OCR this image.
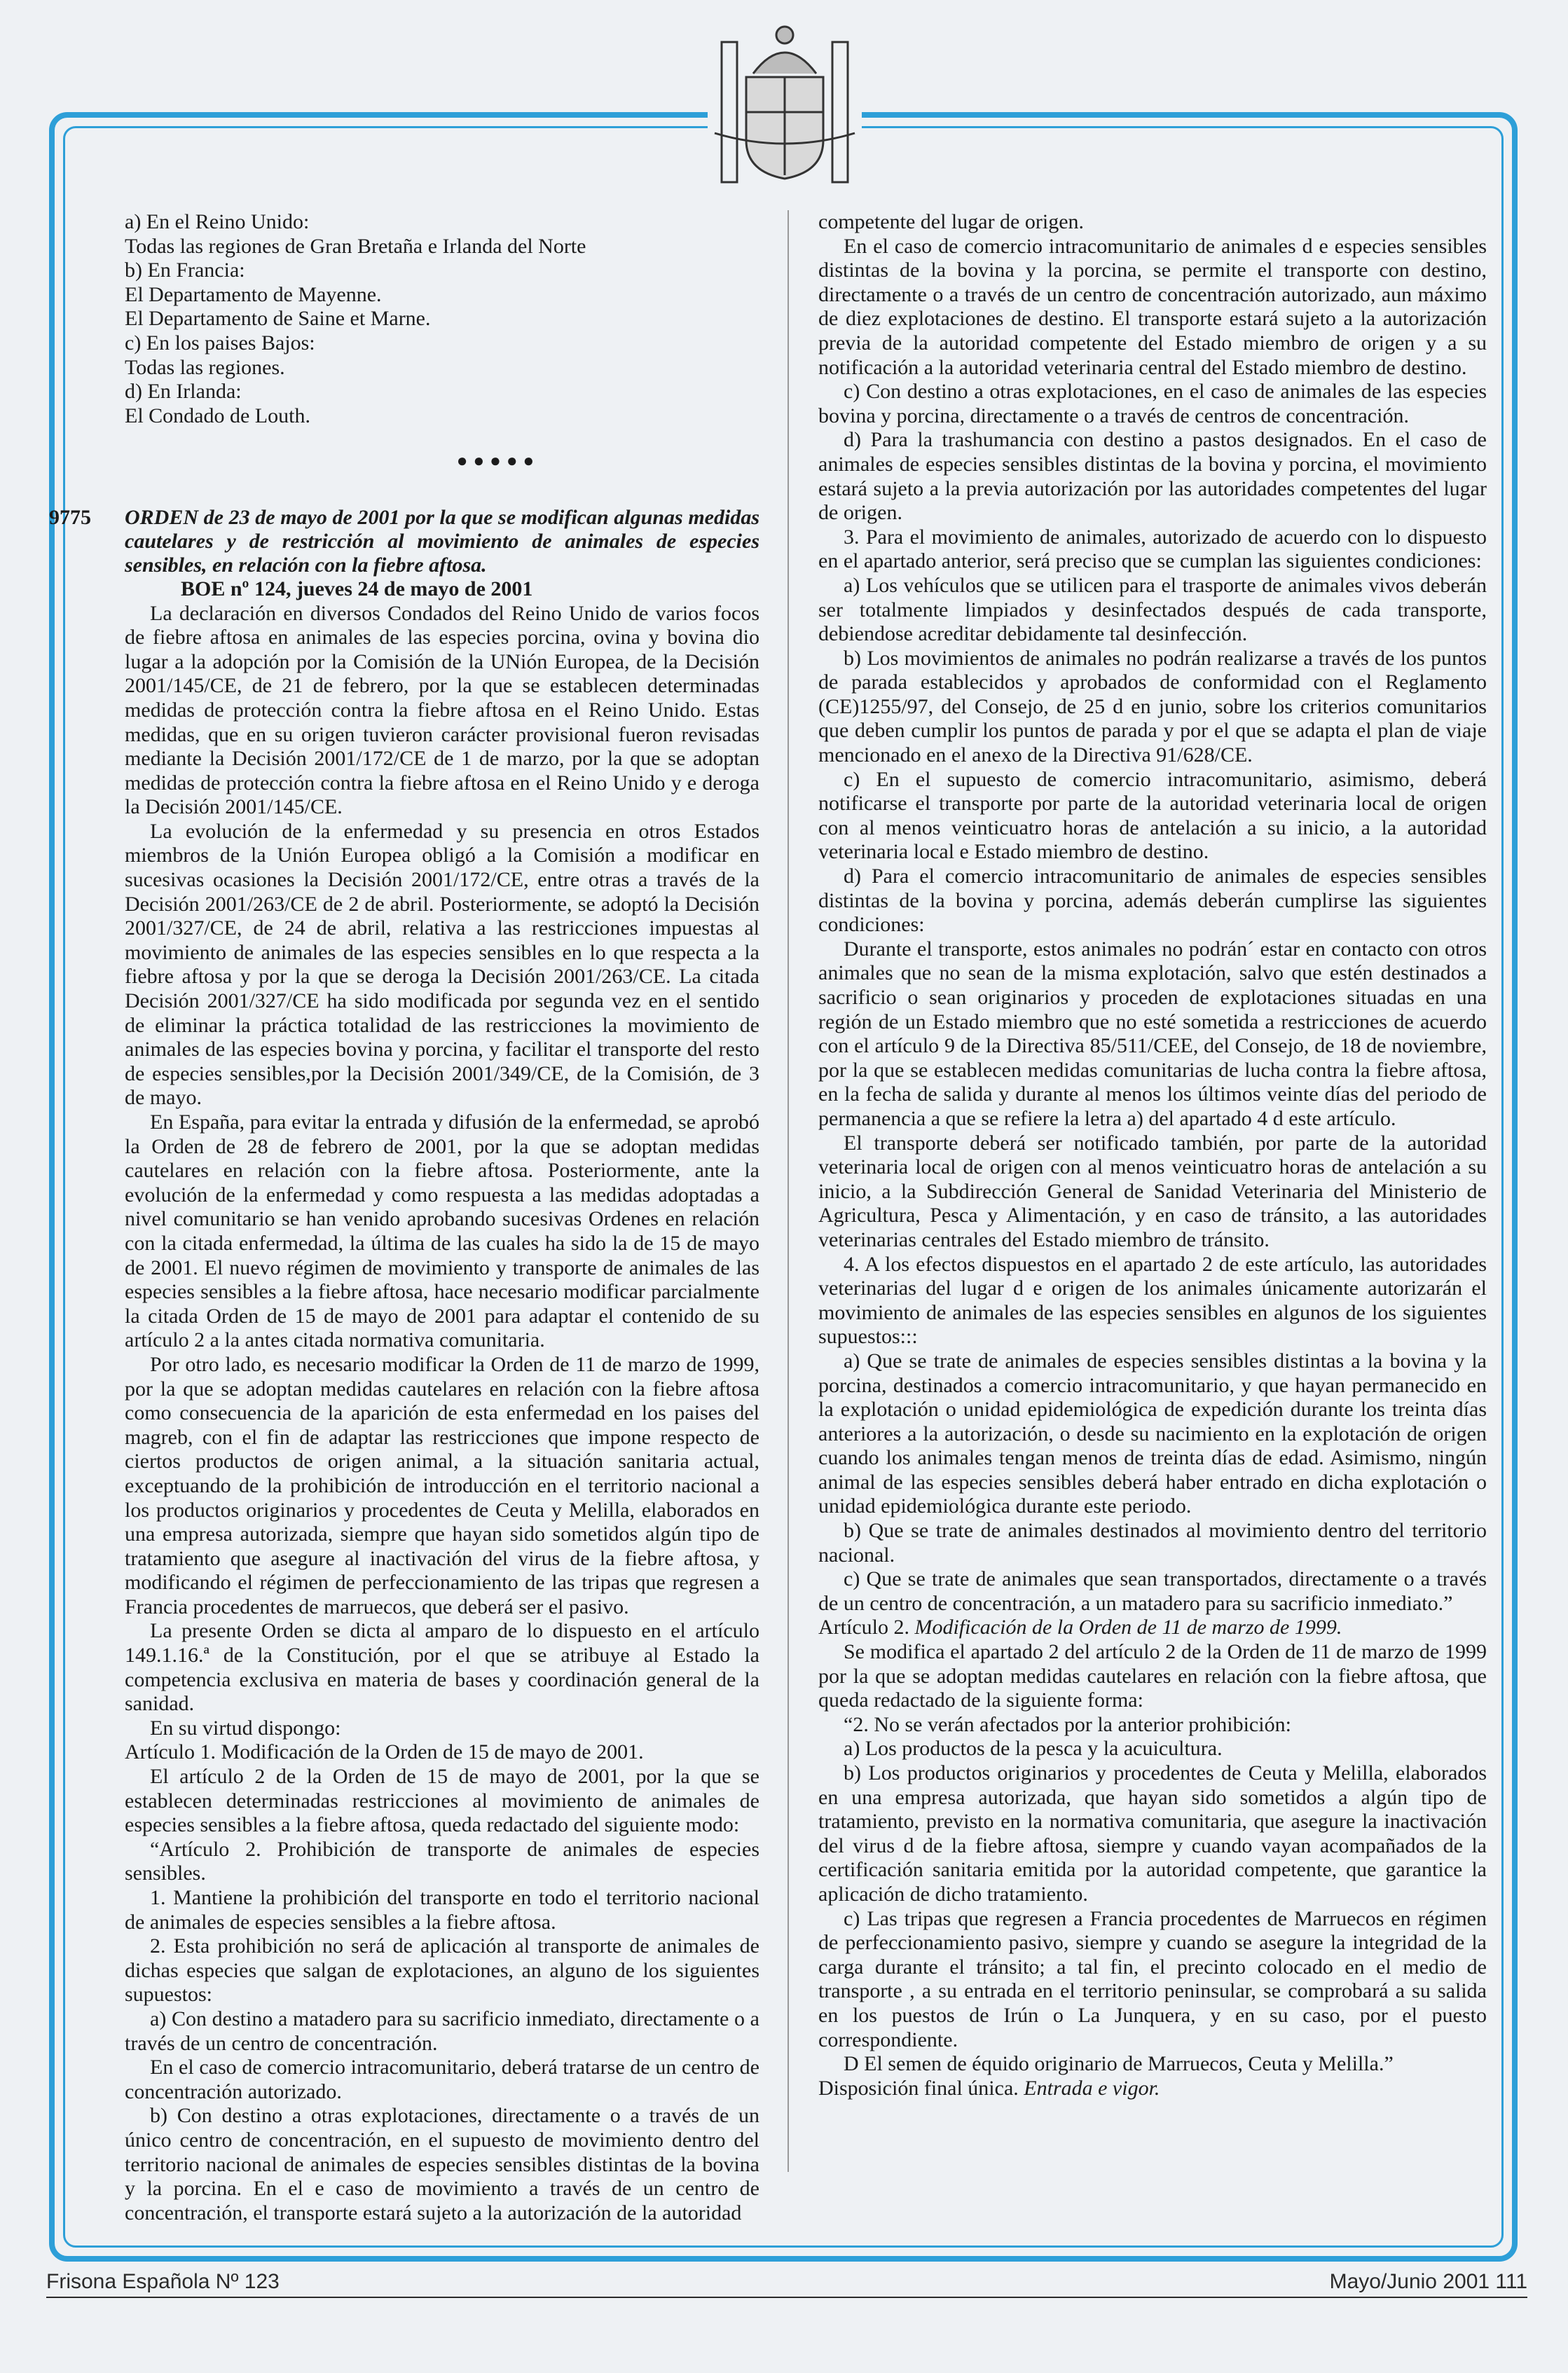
a) En el Reino Unido:

Todas las regiones de Gran Bretaña e Irlanda del Norte

b) En Francia:

El Departamento de Mayenne.

El Departamento de Saine et Marne.

c) En los paises Bajos:

Todas las regiones.

d) En Irlanda:

El Condado de Louth.

●●●●●
9775 ORDEN de 23 de mayo de 2001 por la que se modifican algunas medidas cautelares y de restricción al movimiento de animales de especies sensibles, en relación con la fiebre aftosa.

BOE nº 124, jueves 24 de mayo de 2001

La declaración en diversos Condados del Reino Unido de varios focos de fiebre aftosa en animales de las especies porcina, ovina y bovina dio lugar a la adopción por la Comisión de la UNión Europea, de la Decisión 2001/145/CE, de 21 de febrero, por la que se establecen determinadas medidas de protección contra la fiebre aftosa en el Reino Unido. Estas medidas, que en su origen tuvieron carácter provisional fueron revisadas mediante la Decisión 2001/172/CE de 1 de marzo, por la que se adoptan medidas de protección contra la fiebre aftosa en el Reino Unido y e deroga la Decisión 2001/145/CE.

La evolución de la enfermedad y su presencia en otros Estados miembros de la Unión Europea obligó a la Comisión a modificar en sucesivas ocasiones la Decisión 2001/172/CE, entre otras a través de la Decisión 2001/263/CE de 2 de abril. Posteriormente, se adoptó la Decisión 2001/327/CE, de 24 de abril, relativa a las restricciones impuestas al movimiento de animales de las especies sensibles en lo que respecta a la fiebre aftosa y por la que se deroga la Decisión 2001/263/CE. La citada Decisión 2001/327/CE ha sido modificada por segunda vez en el sentido de eliminar la práctica totalidad de las restricciones la movimiento de animales de las especies bovina y porcina, y facilitar el transporte del resto de especies sensibles,por la Decisión 2001/349/CE, de la Comisión, de 3 de mayo.

En España, para evitar la entrada y difusión de la enfermedad, se aprobó la Orden de 28 de febrero de 2001, por la que se adoptan medidas cautelares en relación con la fiebre aftosa. Posteriormente, ante la evolución de la enfermedad y como respuesta a las medidas adoptadas a nivel comunitario se han venido aprobando sucesivas Ordenes en relación con la citada enfermedad, la última de las cuales ha sido la de 15 de mayo de 2001. El nuevo régimen de movimiento y transporte de animales de las especies sensibles a la fiebre aftosa, hace necesario modificar parcialmente la citada Orden de 15 de mayo de 2001 para adaptar el contenido de su artículo 2 a la antes citada normativa comunitaria.

Por otro lado, es necesario modificar la Orden de 11 de marzo de 1999, por la que se adoptan medidas cautelares en relación con la fiebre aftosa como consecuencia de la aparición de esta enfermedad en los paises del magreb, con el fin de adaptar las restricciones que impone respecto de ciertos productos de origen animal, a la situación sanitaria actual, exceptuando de la prohibición de introducción en el territorio nacional a los productos originarios y procedentes de Ceuta y Melilla, elaborados en una empresa autorizada, siempre que hayan sido sometidos algún tipo de tratamiento que asegure al inactivación del virus de la fiebre aftosa, y modificando el régimen de perfeccionamiento de las tripas que regresen a Francia procedentes de marruecos, que deberá ser el pasivo.

La presente Orden se dicta al amparo de lo dispuesto en el artículo 149.1.16.ª de la Constitución, por el que se atribuye al Estado la competencia exclusiva en materia de bases y coordinación general de la sanidad.

En su virtud dispongo:

Artículo 1. Modificación de la Orden de 15 de mayo de 2001.

El artículo 2 de la Orden de 15 de mayo de 2001, por la que se establecen determinadas restricciones al movimiento de animales de especies sensibles a la fiebre aftosa, queda redactado del siguiente modo:

“Artículo 2. Prohibición de transporte de animales de especies sensibles.

1. Mantiene la prohibición del transporte en todo el territorio nacional de animales de especies sensibles a la fiebre aftosa.

2. Esta prohibición no será de aplicación al transporte de animales de dichas especies que salgan de explotaciones, an alguno de los siguientes supuestos:

a) Con destino a matadero para su sacrificio inmediato, directamente o a través de un centro de concentración.

En el caso de comercio intracomunitario, deberá tratarse de un centro de concentración autorizado.

b) Con destino a otras explotaciones, directamente o a través de un único centro de concentración, en el supuesto de movimiento dentro del territorio nacional de animales de especies sensibles distintas de la bovina y la porcina. En el e caso de movimiento a través de un centro de concentración, el transporte estará sujeto a la autorización de la autoridad

competente del lugar de origen.

En el caso de comercio intracomunitario de animales d e especies sensibles distintas de la bovina y la porcina, se permite el transporte con destino, directamente o a través de un centro de concentración autorizado, aun máximo de diez explotaciones de destino. El transporte estará sujeto a la autorización previa de la autoridad competente del Estado miembro de origen y a su notificación a la autoridad veterinaria central del Estado miembro de destino.

c) Con destino a otras explotaciones, en el caso de animales de las especies bovina y porcina, directamente o a través de centros de concentración.

d) Para la trashumancia con destino a pastos designados. En el caso de animales de especies sensibles distintas de la bovina y porcina, el movimiento estará sujeto a la previa autorización por las autoridades competentes del lugar de origen.

3. Para el movimiento de animales, autorizado de acuerdo con lo dispuesto en el apartado anterior, será preciso que se cumplan las siguientes condiciones:

a) Los vehículos que se utilicen para el trasporte de animales vivos deberán ser totalmente limpiados y desinfectados después de cada transporte, debiendose acreditar debidamente tal desinfección.

b) Los movimientos de animales no podrán realizarse a través de los puntos de parada establecidos y aprobados de conformidad con el Reglamento (CE)1255/97, del Consejo, de 25 d en junio, sobre los criterios comunitarios que deben cumplir los puntos de parada y por el que se adapta el plan de viaje mencionado en el anexo de la Directiva 91/628/CE.

c) En el supuesto de comercio intracomunitario, asimismo, deberá notificarse el transporte por parte de la autoridad veterinaria local de origen con al menos veinticuatro horas de antelación a su inicio, a la autoridad veterinaria local e Estado miembro de destino.

d) Para el comercio intracomunitario de animales de especies sensibles distintas de la bovina y porcina, además deberán cumplirse las siguientes condiciones:

Durante el transporte, estos animales no podrán´ estar en contacto con otros animales que no sean de la misma explotación, salvo que estén destinados a sacrificio o sean originarios y proceden de explotaciones situadas en una región de un Estado miembro que no esté sometida a restricciones de acuerdo con el artículo 9 de la Directiva 85/511/CEE, del Consejo, de 18 de noviembre, por la que se establecen medidas comunitarias de lucha contra la fiebre aftosa, en la fecha de salida y durante al menos los últimos veinte días del periodo de permanencia a que se refiere la letra a) del apartado 4 d este artículo.

El transporte deberá ser notificado también, por parte de la autoridad veterinaria local de origen con al menos veinticuatro horas de antelación a su inicio, a la Subdirección General de Sanidad Veterinaria del Ministerio de Agricultura, Pesca y Alimentación, y en caso de tránsito, a las autoridades veterinarias centrales del Estado miembro de tránsito.

4. A los efectos dispuestos en el apartado 2 de este artículo, las autoridades veterinarias del lugar d e origen de los animales únicamente autorizarán el movimiento de animales de las especies sensibles en algunos de los siguientes supuestos:::

a) Que se trate de animales de especies sensibles distintas a la bovina y la porcina, destinados a comercio intracomunitario, y que hayan permanecido en la explotación o unidad epidemiológica de expedición durante los treinta días anteriores a la autorización, o desde su nacimiento en la explotación de origen cuando los animales tengan menos de treinta días de edad. Asimismo, ningún animal de las especies sensibles deberá haber entrado en dicha explotación o unidad epidemiológica durante este periodo.

b) Que se trate de animales destinados al movimiento dentro del territorio nacional.

c) Que se trate de animales que sean transportados, directamente o a través de un centro de concentración, a un matadero para su sacrificio inmediato.”

Artículo 2. Modificación de la Orden de 11 de marzo de 1999.

Se modifica el apartado 2 del artículo 2 de la Orden de 11 de marzo de 1999 por la que se adoptan medidas cautelares en relación con la fiebre aftosa, que queda redactado de la siguiente forma:

“2. No se verán afectados por la anterior prohibición:

a) Los productos de la pesca y la acuicultura.

b) Los productos originarios y procedentes de Ceuta y Melilla, elaborados en una empresa autorizada, que hayan sido sometidos a algún tipo de tratamiento, previsto en la normativa comunitaria, que asegure la inactivación del virus d de la fiebre aftosa, siempre y cuando vayan acompañados de la certificación sanitaria emitida por la autoridad competente, que garantice la aplicación de dicho tratamiento.

c) Las tripas que regresen a Francia procedentes de Marruecos en régimen de perfeccionamiento pasivo, siempre y cuando se asegure la integridad de la carga durante el tránsito; a tal fin, el precinto colocado en el medio de transporte , a su entrada en el territorio peninsular, se comprobará a su salida en los puestos de Irún o La Junquera, y en su caso, por el puesto correspondiente.

D El semen de équido originario de Marruecos, Ceuta y Melilla.”

Disposición final única. Entrada e vigor.

Frisona Española Nº 123	Mayo/Junio 2001 111
